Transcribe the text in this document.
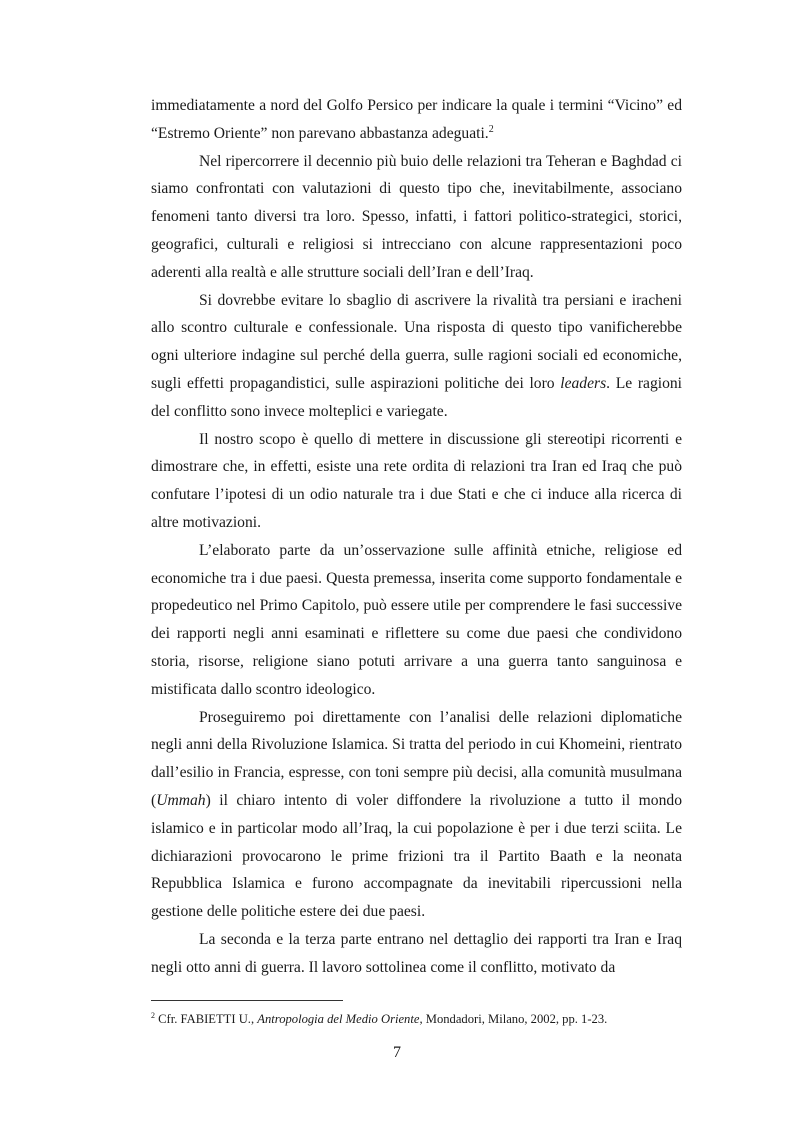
immediatamente a nord del Golfo Persico per indicare la quale i termini “Vicino” ed “Estremo Oriente” non parevano abbastanza adeguati.$^2$

Nel ripercorrere il decennio più buio delle relazioni tra Teheran e Baghdad ci siamo confrontati con valutazioni di questo tipo che, inevitabilmente, associano fenomeni tanto diversi tra loro. Spesso, infatti, i fattori politico-strategici, storici, geografici, culturali e religiosi si intrecciano con alcune rappresentazioni poco aderenti alla realtà e alle strutture sociali dell’Iran e dell’Iraq.

Si dovrebbe evitare lo sbaglio di ascrivere la rivalità tra persiani e iracheni allo scontro culturale e confessionale. Una risposta di questo tipo vanificherebbe ogni ulteriore indagine sul perché della guerra, sulle ragioni sociali ed economiche, sugli effetti propagandistici, sulle aspirazioni politiche dei loro leaders. Le ragioni del conflitto sono invece molteplici e variegate.

Il nostro scopo è quello di mettere in discussione gli stereotipi ricorrenti e dimostrare che, in effetti, esiste una rete ordita di relazioni tra Iran ed Iraq che può confutare l’ipotesi di un odio naturale tra i due Stati e che ci induce alla ricerca di altre motivazioni.

L’elaborato parte da un’osservazione sulle affinità etniche, religiose ed economiche tra i due paesi. Questa premessa, inserita come supporto fondamentale e propedeutico nel Primo Capitolo, può essere utile per comprendere le fasi successive dei rapporti negli anni esaminati e riflettere su come due paesi che condividono storia, risorse, religione siano potuti arrivare a una guerra tanto sanguinosa e mistificata dallo scontro ideologico.

Proseguiremo poi direttamente con l’analisi delle relazioni diplomatiche negli anni della Rivoluzione Islamica. Si tratta del periodo in cui Khomeini, rientrato dall’esilio in Francia, espresse, con toni sempre più decisi, alla comunità musulmana (Ummah) il chiaro intento di voler diffondere la rivoluzione a tutto il mondo islamico e in particolar modo all’Iraq, la cui popolazione è per i due terzi sciita. Le dichiarazioni provocarono le prime frizioni tra il Partito Baath e la neonata Repubblica Islamica e furono accompagnate da inevitabili ripercussioni nella gestione delle politiche estere dei due paesi.

La seconda e la terza parte entrano nel dettaglio dei rapporti tra Iran e Iraq negli otto anni di guerra. Il lavoro sottolinea come il conflitto, motivato da

$^2$ Cfr. FABIETTI U., Antropologia del Medio Oriente, Mondadori, Milano, 2002, pp. 1-23.
7
